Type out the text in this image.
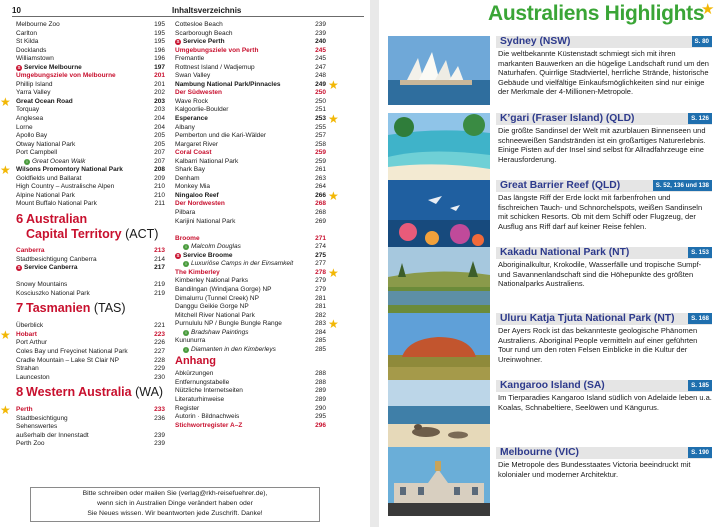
10	Inhaltsverzeichnis
Melbourne Zoo	195
Carlton	195
St Kilda	195
Docklands	196
Williamstown	196
S Service Melbourne	197
Umgebungsziele von Melbourne	201
Phillip Island	201
Yarra Valley	202
Great Ocean Road	203
★
Torquay	203
Anglesea	204
Lorne	204
Apollo Bay	205
Otway National Park	205
Port Campbell	207
i Great Ocean Walk	207
Wilsons Promontory National Park	208
★
Goldfields und Ballarat	209
High Country – Australische Alpen	210
Alpine National Park	210
Mount Buffalo National Park	211
6 Australian
Capital Territory (ACT)
Canberra	213
Stadtbesichtigung Canberra	214
S Service Canberra	217
Snowy Mountains	219
Kosciuszko National Park	219
7 Tasmanien (TAS)
Überblick	221
Hobart	223
★
Port Arthur	226
Coles Bay und Freycinet National Park	227
Cradle Mountain – Lake St Clair NP	228
Strahan	229
Launceston	230
8 Western Australia (WA)
Perth	233
★
Stadtbesichtigung	236
Sehenswertes
außerhalb der Innenstadt	239
Perth Zoo	239
Cottesloe Beach	239
Scarborough Beach	239
S Service Perth	240
Umgebungsziele von Perth	245
Fremantle	245
Rottnest Island / Wadjemup	247
Swan Valley	248
Nambung National Park/Pinnacles	249 ★
Der Südwesten	250
Wave Rock	250
Kalgoorlie-Boulder	251
Esperance	253 ★
Albany	255
Pemberton und die Kari-Wälder	257
Margaret River	258
Coral Coast	259
Kalbarri National Park	259
Shark Bay	261
Denham	263
Monkey Mia	264
Ningaloo Reef	266 ★
Der Nordwesten	268
Pilbara	268
Karijini National Park	269
Broome	271
i Malcolm Douglas	274
S Service Broome	275
i Luxuriöse Camps in der Einsamkeit	277
The Kimberley	278 ★
Kimberley National Parks	279
Bandilngan (Windjana Gorge) NP	279
Dimalurru (Tunnel Creek) NP	281
Danggu Geikie Gorge NP	281
Mitchell River National Park	282
Purnululu NP / Bungle Bungle Range	283 ★
i Bradshaw Paintings	284
Kununurra	285
i Diamanten in den Kimberleys	285
Anhang
Abkürzungen	288
Entfernungstabelle	288
Nützliche Internetseiten	289
Literaturhinweise	289
Register	290
Autorin · Bildnachweis	295
Stichwortregister A–Z	296
Bitte schreiben oder mailen Sie (verlag@rkh-reisefuehrer.de),
wenn sich in Australien Dinge verändert haben oder
Sie Neues wissen. Wir beantworten jede Zuschrift. Danke!
Australiens Highlights
★
Sydney (NSW)	S. 80
Die weltbekannte Küstenstadt schmiegt sich mit ihren markanten Bauwerken an die hügelige Landschaft rund um den Naturhafen. Quirrlige Stadtviertel, herrliche Strände, historische Gebäude und vielfältige Einkaufsmöglichkeiten sind nur einige der Merkmale der 4-Millionen-Metropole.
K’gari (Fraser Island) (QLD)	S. 126
Die größte Sandinsel der Welt mit azurblauen Binnenseen und schneeweißen Sandstränden ist ein großartiges Naturerlebnis. Einige Pisten auf der Insel sind selbst für Allradfahrzeuge eine Herausforderung.
Great Barrier Reef (QLD)	S. 52, 136 und 138
Das längste Riff der Erde lockt mit farbenfrohen und fischreichen Tauch- und Schnorchelspots, weißen Sandinseln mit schicken Resorts. Ob mit dem Schiff oder Flugzeug, der Ausflug ans Riff darf auf keiner Reise fehlen.
Kakadu National Park (NT)	S. 153
Aboriginalkultur, Krokodile, Wasserfälle und tropische Sumpf- und Savannenlandschaft sind die Höhepunkte des größten Nationalparks Australiens.
Uluru Katja Tjuta National Park (NT)	S. 168
Der Ayers Rock ist das bekannteste geologische Phänomen Australiens. Aboriginal People vermitteln auf einer geführten Tour rund um den roten Felsen Einblicke in die Kultur der Ureinwohner.
Kangaroo Island (SA)	S. 185
Im Tierparadies Kangaroo Island südlich von Adelaide leben u.a. Koalas, Schnabeltiere, Seelöwen und Kängurus.
Melbourne (VIC)	S. 190
Die Metropole des Bundesstaates Victoria beeindruckt mit kolonialer und moderner Architektur.
